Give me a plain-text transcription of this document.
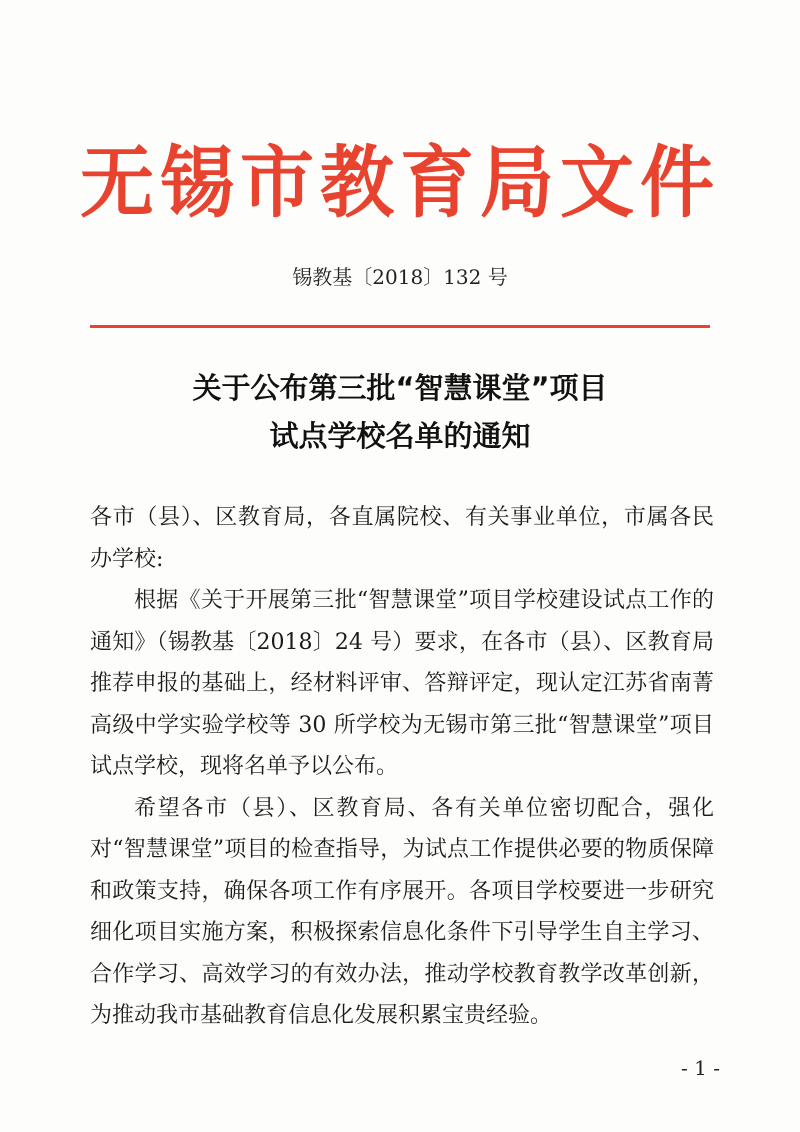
无锡市教育局文件
锡教基〔2018〕132 号
关于公布第三批“智慧课堂”项目
试点学校名单的通知

各市（县）、区教育局，各直属院校、有关事业单位，市属各民办学校:

根据《关于开展第三批“智慧课堂”项目学校建设试点工作的通知》（锡教基〔2018〕24 号）要求，在各市（县）、区教育局推荐申报的基础上，经材料评审、答辩评定，现认定江苏省南菁高级中学实验学校等 30 所学校为无锡市第三批“智慧课堂”项目试点学校，现将名单予以公布。

希望各市（县）、区教育局、各有关单位密切配合，强化对“智慧课堂”项目的检查指导，为试点工作提供必要的物质保障和政策支持，确保各项工作有序展开。各项目学校要进一步研究细化项目实施方案，积极探索信息化条件下引导学生自主学习、合作学习、高效学习的有效办法，推动学校教育教学改革创新，为推动我市基础教育信息化发展积累宝贵经验。

- 1 -
